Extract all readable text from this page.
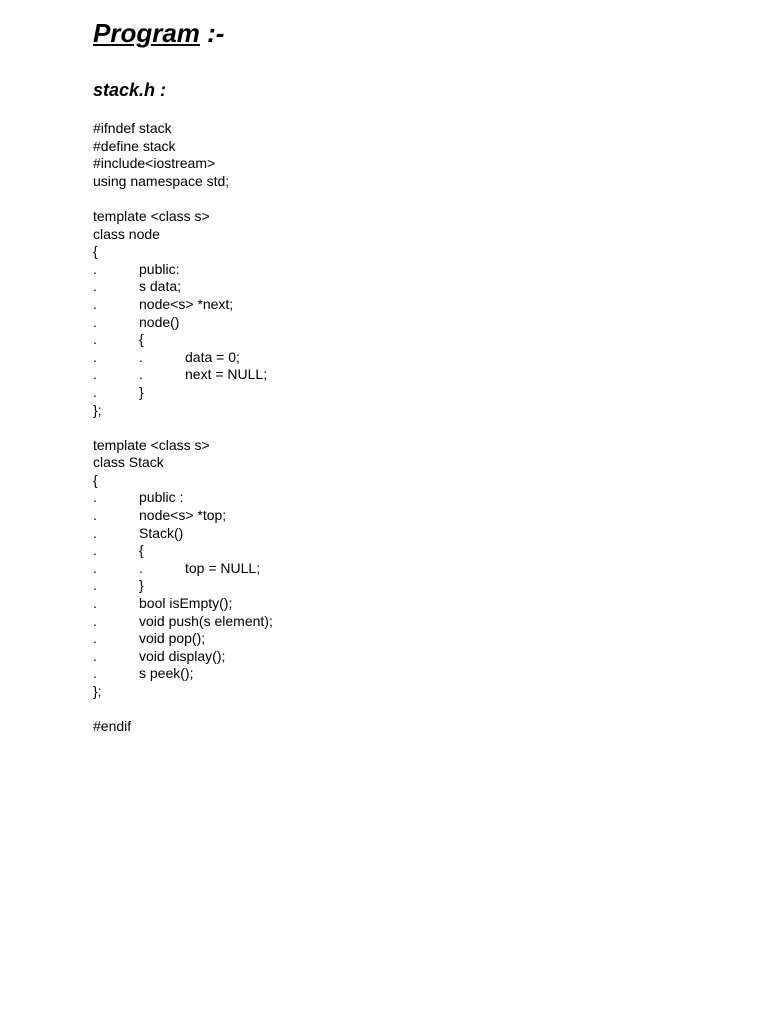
Program :-
stack.h :
#ifndef stack
#define stack
#include<iostream>
using namespace std;
template <class s>
class node
{
.	public:
.	s data;
.	node<s> *next;
.	node()
.	{
.	.	data = 0;
.	.	next = NULL;
.	}
};
template <class s>
class Stack
{
.	public :
.	node<s> *top;
.	Stack()
.	{
.	.	top = NULL;
.	}
.	bool isEmpty();
.	void push(s element);
.	void pop();
.	void display();
.	s peek();
};
#endif
